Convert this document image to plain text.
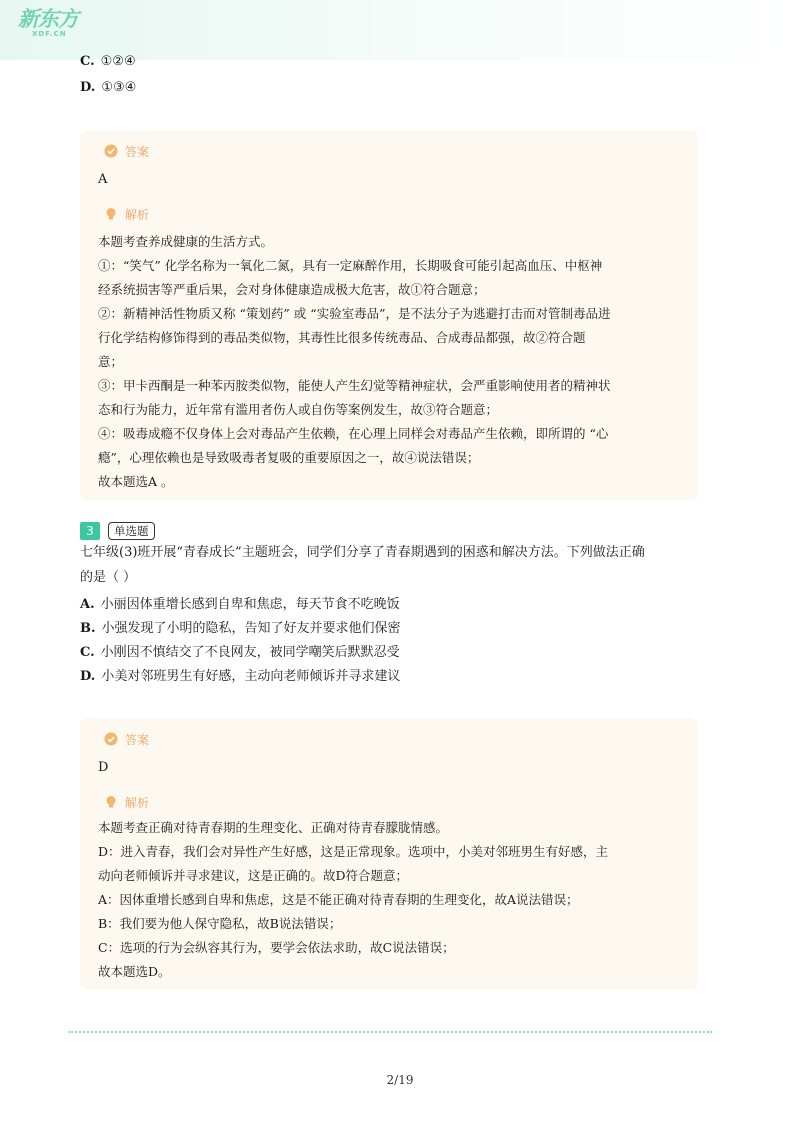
新东方
XDF.CN
C. ①②④
D. ①③④
答案
A
解析
本题考查养成健康的生活方式。
①：“笑气” 化学名称为一氧化二氮，具有一定麻醉作用，长期吸食可能引起高血压、中枢神
经系统损害等严重后果，会对身体健康造成极大危害，故①符合题意；
②：新精神活性物质又称 “策划药” 或 “实验室毒品”，是不法分子为逃避打击而对管制毒品进
行化学结构修饰得到的毒品类似物，其毒性比很多传统毒品、合成毒品都强，故②符合题
意；
③：甲卡西酮是一种苯丙胺类似物，能使人产生幻觉等精神症状，会严重影响使用者的精神状
态和行为能力，近年常有滥用者伤人或自伤等案例发生，故③符合题意；
④：吸毒成瘾不仅身体上会对毒品产生依赖，在心理上同样会对毒品产生依赖，即所谓的 “心
瘾”，心理依赖也是导致吸毒者复吸的重要原因之一，故④说法错误；
故本题选A 。
3	单选题
七年级(3)班开展“青春成长”主题班会，同学们分享了青春期遇到的困惑和解决方法。下列做法正确
的是（ ）
A. 小丽因体重增长感到自卑和焦虑，每天节食不吃晚饭
B. 小强发现了小明的隐私，告知了好友并要求他们保密
C. 小刚因不慎结交了不良网友，被同学嘲笑后默默忍受
D. 小美对邻班男生有好感，主动向老师倾诉并寻求建议
答案
D
解析
本题考查正确对待青春期的生理变化、正确对待青春朦胧情感。
D：进入青春，我们会对异性产生好感，这是正常现象。选项中，小美对邻班男生有好感，主
动向老师倾诉并寻求建议，这是正确的。故D符合题意；
A：因体重增长感到自卑和焦虑，这是不能正确对待青春期的生理变化，故A说法错误；
B：我们要为他人保守隐私，故B说法错误；
C：选项的行为会纵容其行为，要学会依法求助，故C说法错误；
故本题选D。
2/19
